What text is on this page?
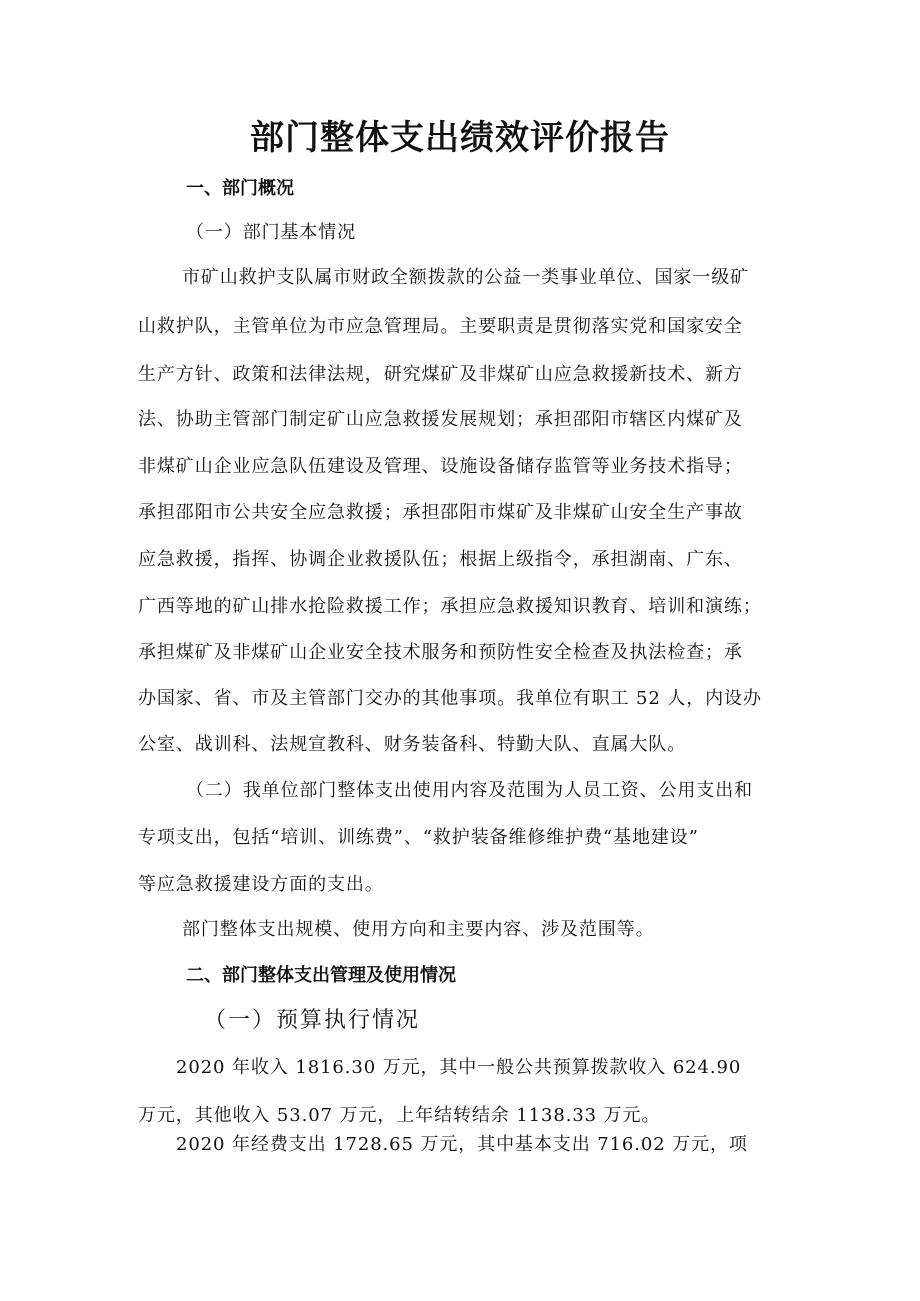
部门整体支出绩效评价报告
一、部门概况
（一）部门基本情况
市矿山救护支队属市财政全额拨款的公益一类事业单位、国家一级矿
山救护队，主管单位为市应急管理局。主要职责是贯彻落实党和国家安全
生产方针、政策和法律法规，研究煤矿及非煤矿山应急救援新技术、新方
法、协助主管部门制定矿山应急救援发展规划；承担邵阳市辖区内煤矿及
非煤矿山企业应急队伍建设及管理、设施设备储存监管等业务技术指导；
承担邵阳市公共安全应急救援；承担邵阳市煤矿及非煤矿山安全生产事故
应急救援，指挥、协调企业救援队伍；根据上级指令，承担湖南、广东、
广西等地的矿山排水抢险救援工作；承担应急救援知识教育、培训和演练；
承担煤矿及非煤矿山企业安全技术服务和预防性安全检查及执法检查；承
办国家、省、市及主管部门交办的其他事项。我单位有职工 52 人，内设办
公室、战训科、法规宣教科、财务装备科、特勤大队、直属大队。
（二）我单位部门整体支出使用内容及范围为人员工资、公用支出和
专项支出，包括“培训、训练费”、“救护装备维修维护费“基地建设”
等应急救援建设方面的支出。
部门整体支出规模、使用方向和主要内容、涉及范围等。
二、部门整体支出管理及使用情况
（一）预算执行情况
2020 年收入 1816.30 万元，其中一般公共预算拨款收入 624.90
万元，其他收入 53.07 万元，上年结转结余 1138.33 万元。
2020 年经费支出 1728.65 万元，其中基本支出 716.02 万元，项
